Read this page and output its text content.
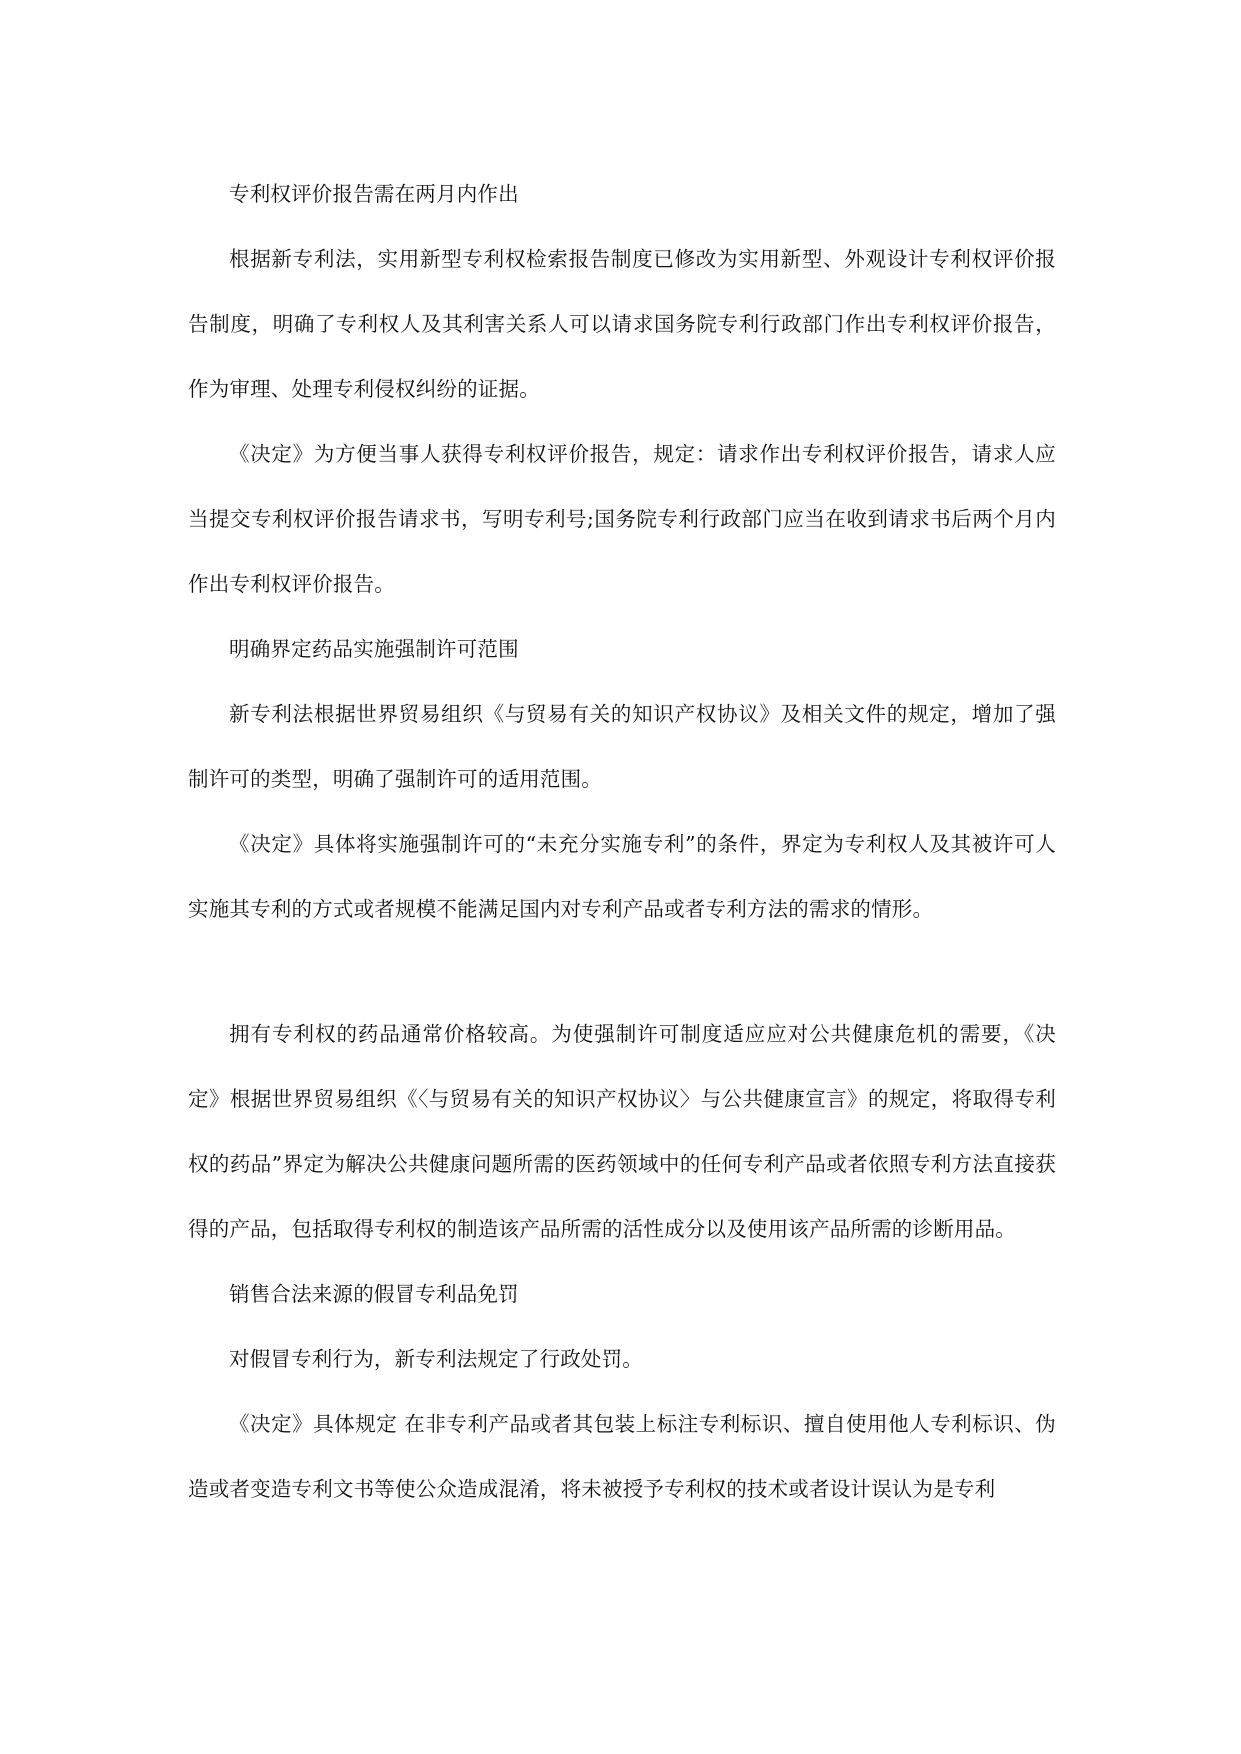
专利权评价报告需在两月内作出

根据新专利法，实用新型专利权检索报告制度已修改为实用新型、外观设计专利权评价报告制度，明确了专利权人及其利害关系人可以请求国务院专利行政部门作出专利权评价报告，作为审理、处理专利侵权纠纷的证据。

《决定》为方便当事人获得专利权评价报告，规定：请求作出专利权评价报告，请求人应当提交专利权评价报告请求书，写明专利号;国务院专利行政部门应当在收到请求书后两个月内作出专利权评价报告。

明确界定药品实施强制许可范围

新专利法根据世界贸易组织《与贸易有关的知识产权协议》及相关文件的规定，增加了强制许可的类型，明确了强制许可的适用范围。

《决定》具体将实施强制许可的“未充分实施专利”的条件，界定为专利权人及其被许可人实施其专利的方式或者规模不能满足国内对专利产品或者专利方法的需求的情形。

拥有专利权的药品通常价格较高。为使强制许可制度适应应对公共健康危机的需要，《决定》根据世界贸易组织《〈与贸易有关的知识产权协议〉与公共健康宣言》的规定，将取得专利权的药品”界定为解决公共健康问题所需的医药领域中的任何专利产品或者依照专利方法直接获得的产品，包括取得专利权的制造该产品所需的活性成分以及使用该产品所需的诊断用品。

销售合法来源的假冒专利品免罚

对假冒专利行为，新专利法规定了行政处罚。

《决定》具体规定 在非专利产品或者其包装上标注专利标识、擅自使用他人专利标识、伪造或者变造专利文书等使公众造成混淆，将未被授予专利权的技术或者设计误认为是专利
